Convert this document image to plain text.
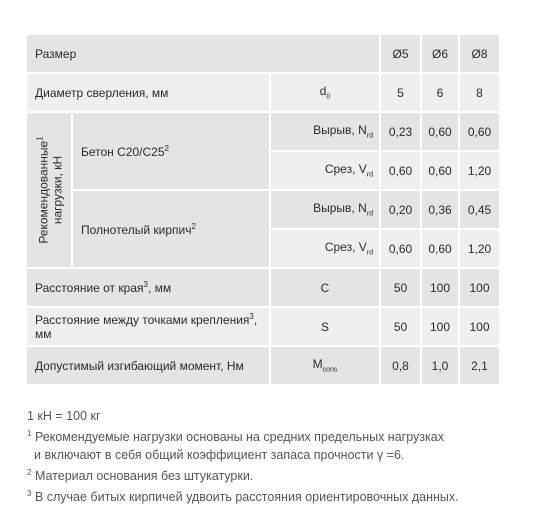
Размер			Ø5	Ø6	Ø8
Диаметр сверления, мм		$d_0$	5	6	8

Рекомендованные$^1$
нагрузки, кН	Бетон $C20/C25^2$	Вырыв, $N_{rd}$	0,23	0,60	0,60
		Срез, $V_{rd}$	0,60	0,60	1,20
	Полнотелый кирпич$^2$	Вырыв, $N_{rd}$	0,20	0,36	0,45
		Срез, $V_{rd}$	0,60	0,60	1,20
Расстояние от края$^3$, мм		C	50	100	100
Расстояние между точками крепления$^3$, мм		S	50	100	100
Допустимый изгибающий момент, Нм		$M_{cons}$	0,8	1,0	2,1
1 кН = 100 кг
$^1$ Рекомендуемые нагрузки основаны на средних предельных нагрузках
и включают в себя общий коэффициент запаса прочности γ =6.
$^2$ Материал основания без штукатурки.
$^3$ В случае битых кирпичей удвоить расстояния ориентировочных данных.
